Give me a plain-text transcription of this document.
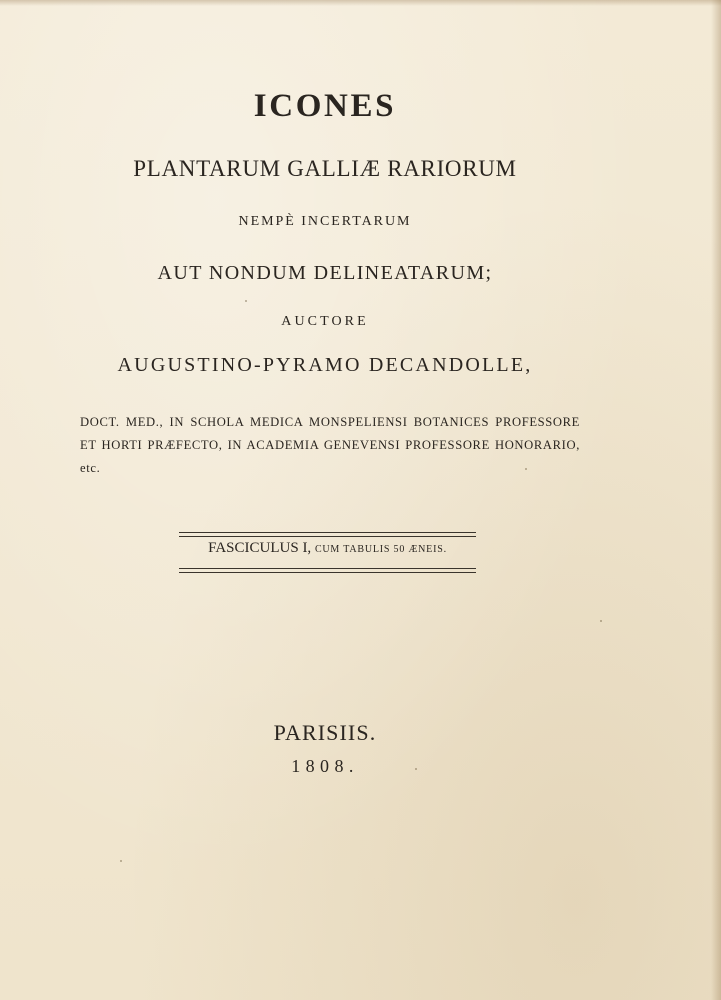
ICONES
PLANTARUM GALLIÆ RARIORUM
NEMPÈ INCERTARUM
AUT NONDUM DELINEATARUM;
AUCTORE
AUGUSTINO-PYRAMO DECANDOLLE,
DOCT. MED., IN SCHOLA MEDICA MONSPELIENSI BOTANICES PROFESSORE ET HORTI PRÆFECTO, IN ACADEMIA GENEVENSI PROFESSORE HONORARIO, etc.
FASCICULUS I, CUM TABULIS 50 ÆNEIS.
PARISIIS.
1808.
